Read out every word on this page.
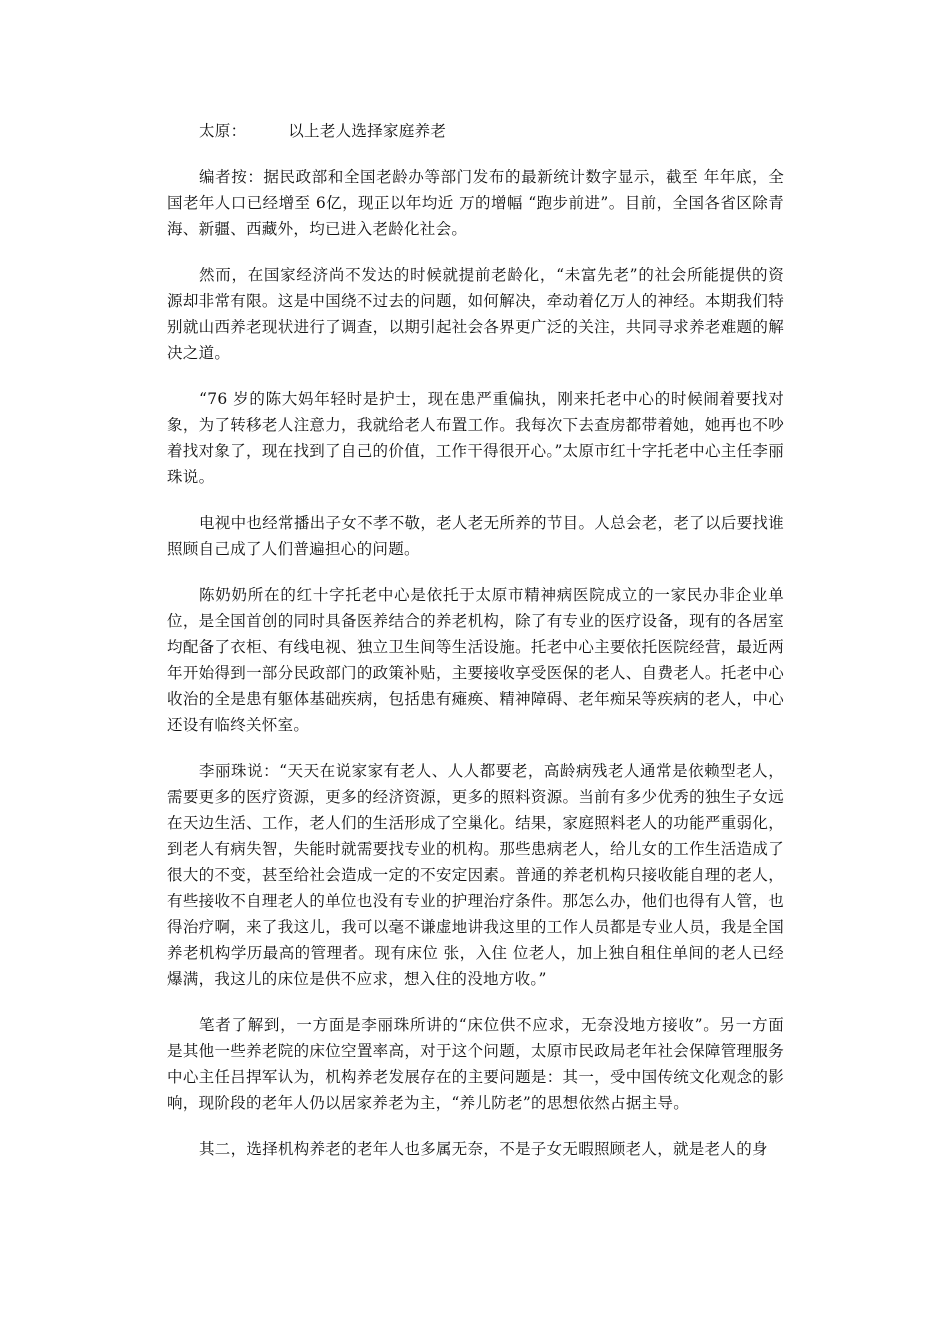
太原：        以上老人选择家庭养老

编者按：据民政部和全国老龄办等部门发布的最新统计数字显示，截至 年年底，全国老年人口已经增至 6亿，现正以年均近 万的增幅 “跑步前进”。目前，全国各省区除青海、新疆、西藏外，均已进入老龄化社会。

然而，在国家经济尚不发达的时候就提前老龄化，“未富先老”的社会所能提供的资源却非常有限。这是中国绕不过去的问题，如何解决，牵动着亿万人的神经。本期我们特别就山西养老现状进行了调查，以期引起社会各界更广泛的关注，共同寻求养老难题的解决之道。

“76 岁的陈大妈年轻时是护士，现在患严重偏执，刚来托老中心的时候闹着要找对象，为了转移老人注意力，我就给老人布置工作。我每次下去查房都带着她，她再也不吵着找对象了，现在找到了自己的价值，工作干得很开心。”太原市红十字托老中心主任李丽珠说。

电视中也经常播出子女不孝不敬，老人老无所养的节目。人总会老，老了以后要找谁照顾自己成了人们普遍担心的问题。

陈奶奶所在的红十字托老中心是依托于太原市精神病医院成立的一家民办非企业单位，是全国首创的同时具备医养结合的养老机构，除了有专业的医疗设备，现有的各居室均配备了衣柜、有线电视、独立卫生间等生活设施。托老中心主要依托医院经营，最近两年开始得到一部分民政部门的政策补贴，主要接收享受医保的老人、自费老人。托老中心收治的全是患有躯体基础疾病，包括患有瘫痪、精神障碍、老年痴呆等疾病的老人，中心还设有临终关怀室。

李丽珠说：“天天在说家家有老人、人人都要老，高龄病残老人通常是依赖型老人，需要更多的医疗资源，更多的经济资源，更多的照料资源。当前有多少优秀的独生子女远在天边生活、工作，老人们的生活形成了空巢化。结果，家庭照料老人的功能严重弱化，到老人有病失智，失能时就需要找专业的机构。那些患病老人，给儿女的工作生活造成了很大的不变，甚至给社会造成一定的不安定因素。普通的养老机构只接收能自理的老人，有些接收不自理老人的单位也没有专业的护理治疗条件。那怎么办，他们也得有人管，也得治疗啊，来了我这儿，我可以毫不谦虚地讲我这里的工作人员都是专业人员，我是全国养老机构学历最高的管理者。现有床位 张，入住 位老人，加上独自租住单间的老人已经爆满，我这儿的床位是供不应求，想入住的没地方收。”

笔者了解到，一方面是李丽珠所讲的“床位供不应求，无奈没地方接收”。另一方面是其他一些养老院的床位空置率高，对于这个问题，太原市民政局老年社会保障管理服务中心主任吕捍军认为，机构养老发展存在的主要问题是：其一，受中国传统文化观念的影响，现阶段的老年人仍以居家养老为主，“养儿防老”的思想依然占据主导。

其二，选择机构养老的老年人也多属无奈，不是子女无暇照顾老人，就是老人的身
